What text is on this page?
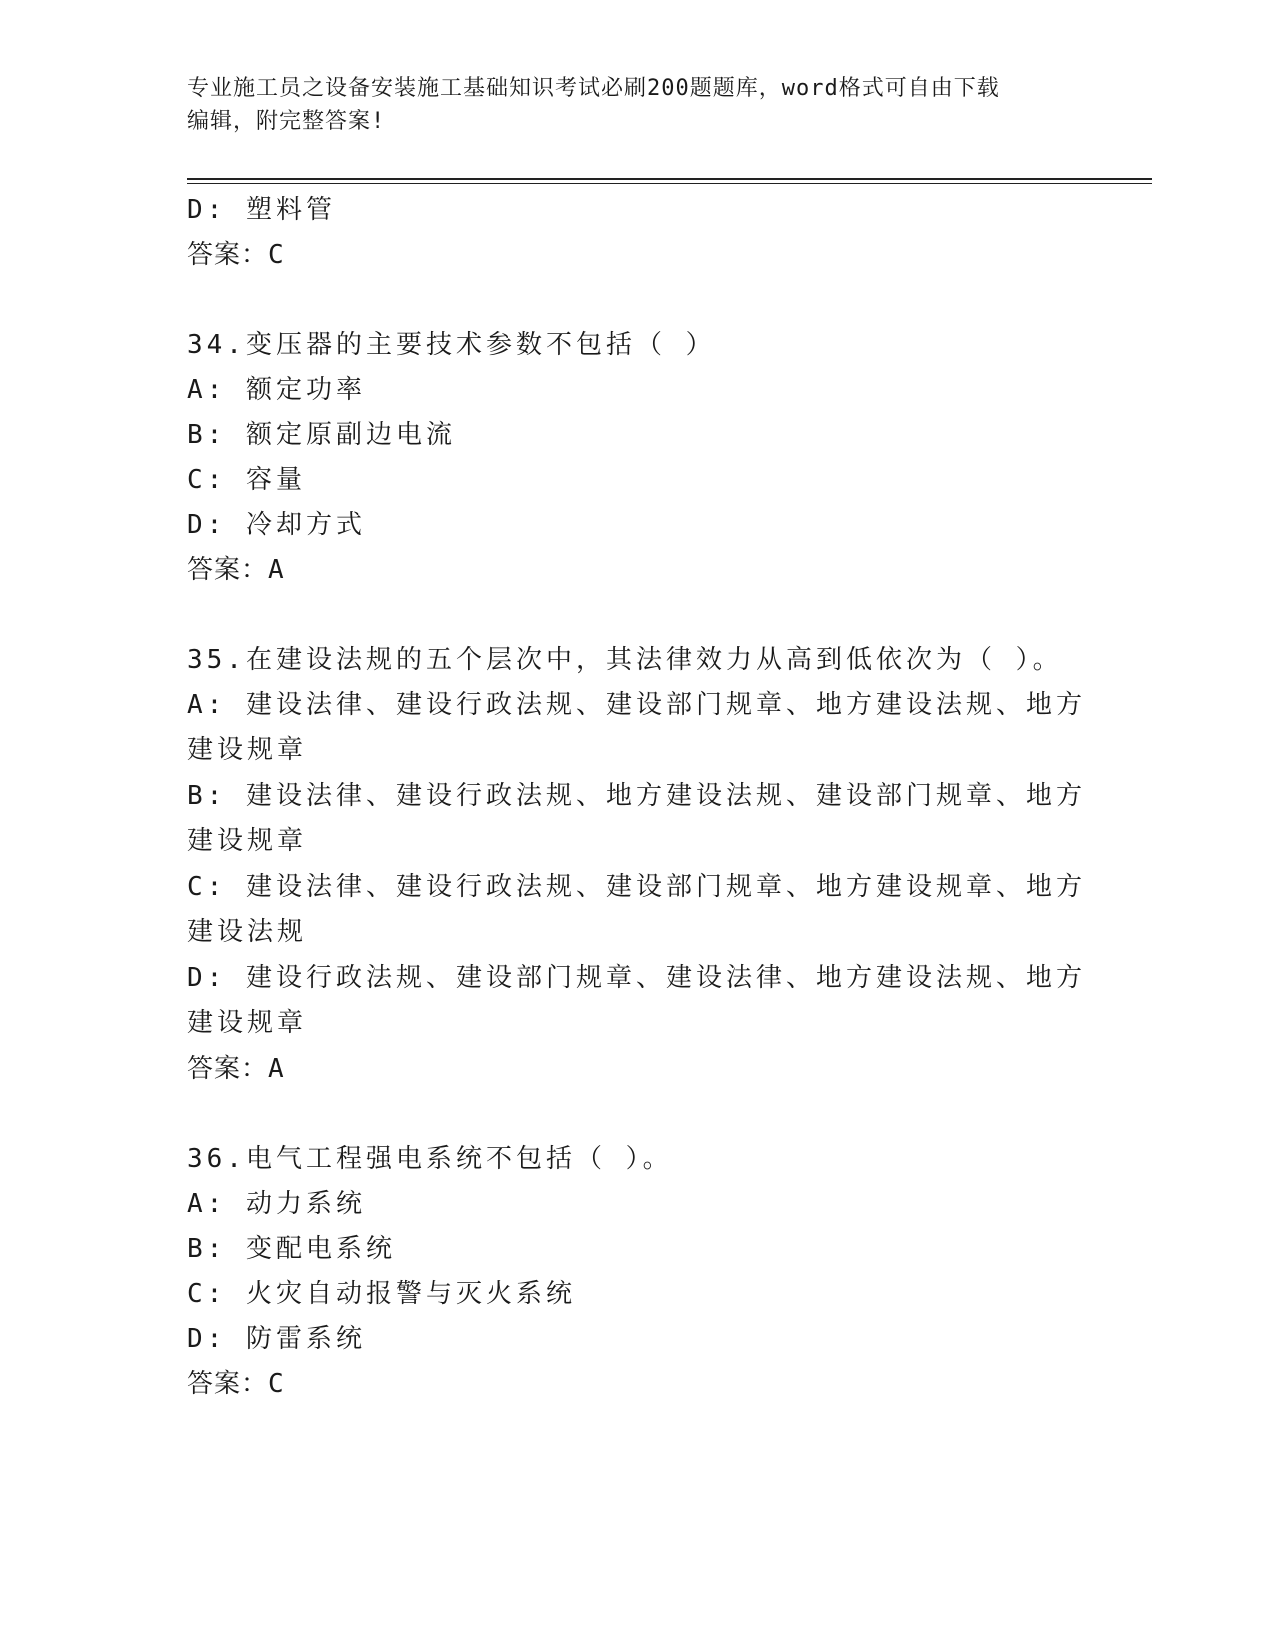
专业施工员之设备安装施工基础知识考试必刷200题题库，word格式可自由下载
编辑，附完整答案!
D: 塑料管
答案：C
34.变压器的主要技术参数不包括（ ）
A: 额定功率
B: 额定原副边电流
C: 容量
D: 冷却方式
答案：A
35.在建设法规的五个层次中，其法律效力从高到低依次为（ ）。
A: 建设法律、建设行政法规、建设部门规章、地方建设法规、地方建设规章
B: 建设法律、建设行政法规、地方建设法规、建设部门规章、地方建设规章
C: 建设法律、建设行政法规、建设部门规章、地方建设规章、地方建设法规
D: 建设行政法规、建设部门规章、建设法律、地方建设法规、地方建设规章
答案：A
36.电气工程强电系统不包括（ ）。
A: 动力系统
B: 变配电系统
C: 火灾自动报警与灭火系统
D: 防雷系统
答案：C
